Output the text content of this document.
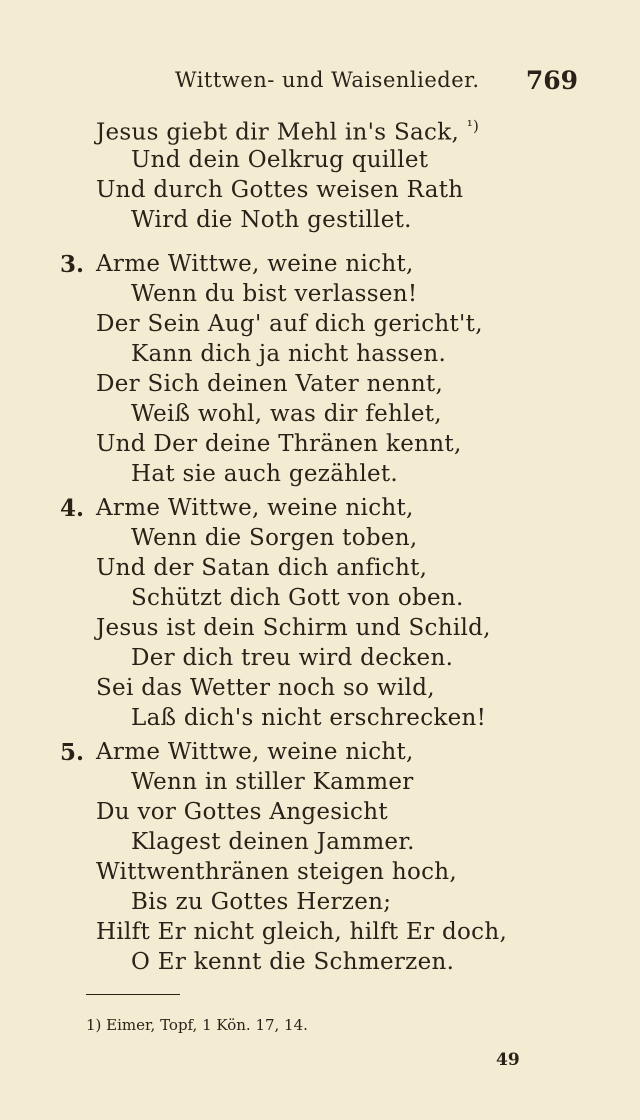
Wittwen- und Waisenlieder. 769
Jesus giebt dir Mehl in's Sack, $^{^1)}$
Und dein Oelkrug quillet
Und durch Gottes weisen Rath
Wird die Noth gestillet.
3. Arme Wittwe, weine nicht,
Wenn du bist verlassen!
Der Sein Aug' auf dich gericht't,
Kann dich ja nicht hassen.
Der Sich deinen Vater nennt,
Weiß wohl, was dir fehlet,
Und Der deine Thränen kennt,
Hat sie auch gezählet.
4. Arme Wittwe, weine nicht,
Wenn die Sorgen toben,
Und der Satan dich anficht,
Schützt dich Gott von oben.
Jesus ist dein Schirm und Schild,
Der dich treu wird decken.
Sei das Wetter noch so wild,
Laß dich's nicht erschrecken!
5. Arme Wittwe, weine nicht,
Wenn in stiller Kammer
Du vor Gottes Angesicht
Klagest deinen Jammer.
Wittwenthränen steigen hoch,
Bis zu Gottes Herzen;
Hilft Er nicht gleich, hilft Er doch,
O Er kennt die Schmerzen.
1) Eimer, Topf, 1 Kön. 17, 14.
49
